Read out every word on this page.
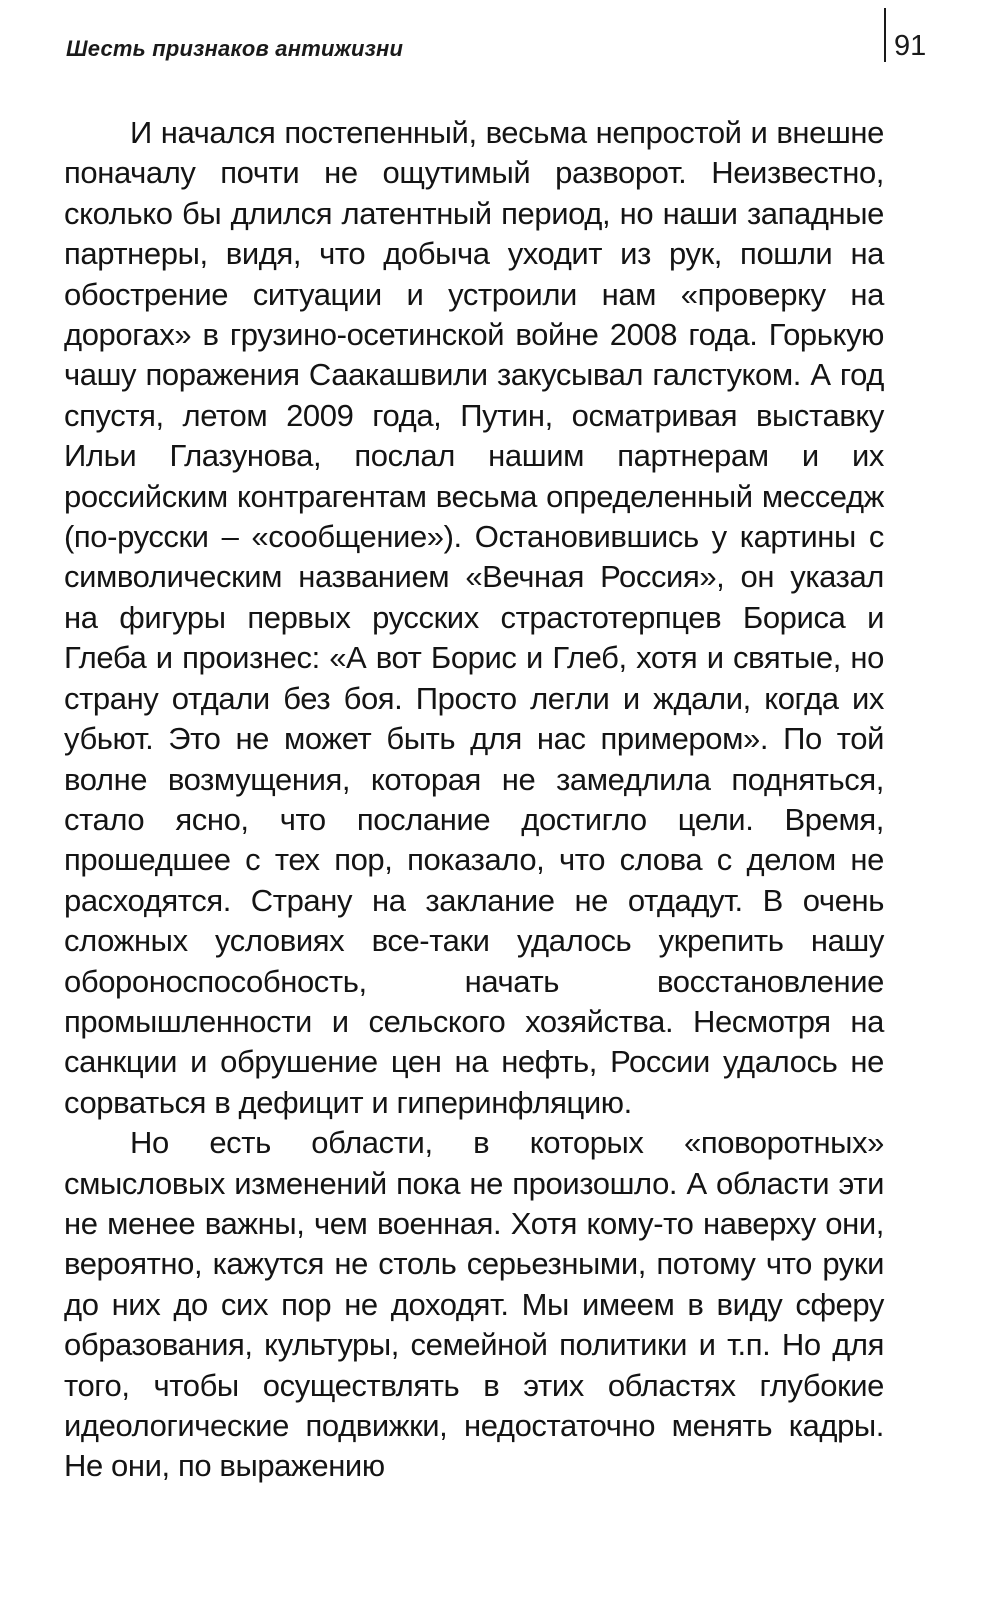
Шесть признаков антижизни	91

И начался постепенный, весьма непростой и внешне поначалу почти не ощутимый разворот. Неизвестно, сколько бы длился латентный период, но наши западные партнеры, видя, что добыча уходит из рук, пошли на обострение ситуации и устроили нам «проверку на дорогах» в грузино-осетинской войне 2008 года. Горькую чашу поражения Саакашвили закусывал галстуком. А год спустя, летом 2009 года, Путин, осматривая выставку Ильи Глазунова, послал нашим партнерам и их российским контрагентам весьма определенный месседж (по-русски – «сообщение»). Остановившись у картины с символическим названием «Вечная Россия», он указал на фигуры первых русских страстотерпцев Бориса и Глеба и произнес: «А вот Борис и Глеб, хотя и святые, но страну отдали без боя. Просто легли и ждали, когда их убьют. Это не может быть для нас примером». По той волне возмущения, которая не замедлила подняться, стало ясно, что послание достигло цели. Время, прошедшее с тех пор, показало, что слова с делом не расходятся. Страну на заклание не отдадут. В очень сложных условиях все-таки удалось укрепить нашу обороноспособность, начать восстановление промышленности и сельского хозяйства. Несмотря на санкции и обрушение цен на нефть, России удалось не сорваться в дефицит и гиперинфляцию.

Но есть области, в которых «поворотных» смысловых изменений пока не произошло. А области эти не менее важны, чем военная. Хотя кому-то наверху они, вероятно, кажутся не столь серьезными, потому что руки до них до сих пор не доходят. Мы имеем в виду сферу образования, культуры, семейной политики и т.п. Но для того, чтобы осуществлять в этих областях глубокие идеологические подвижки, недостаточно менять кадры. Не они, по выражению
